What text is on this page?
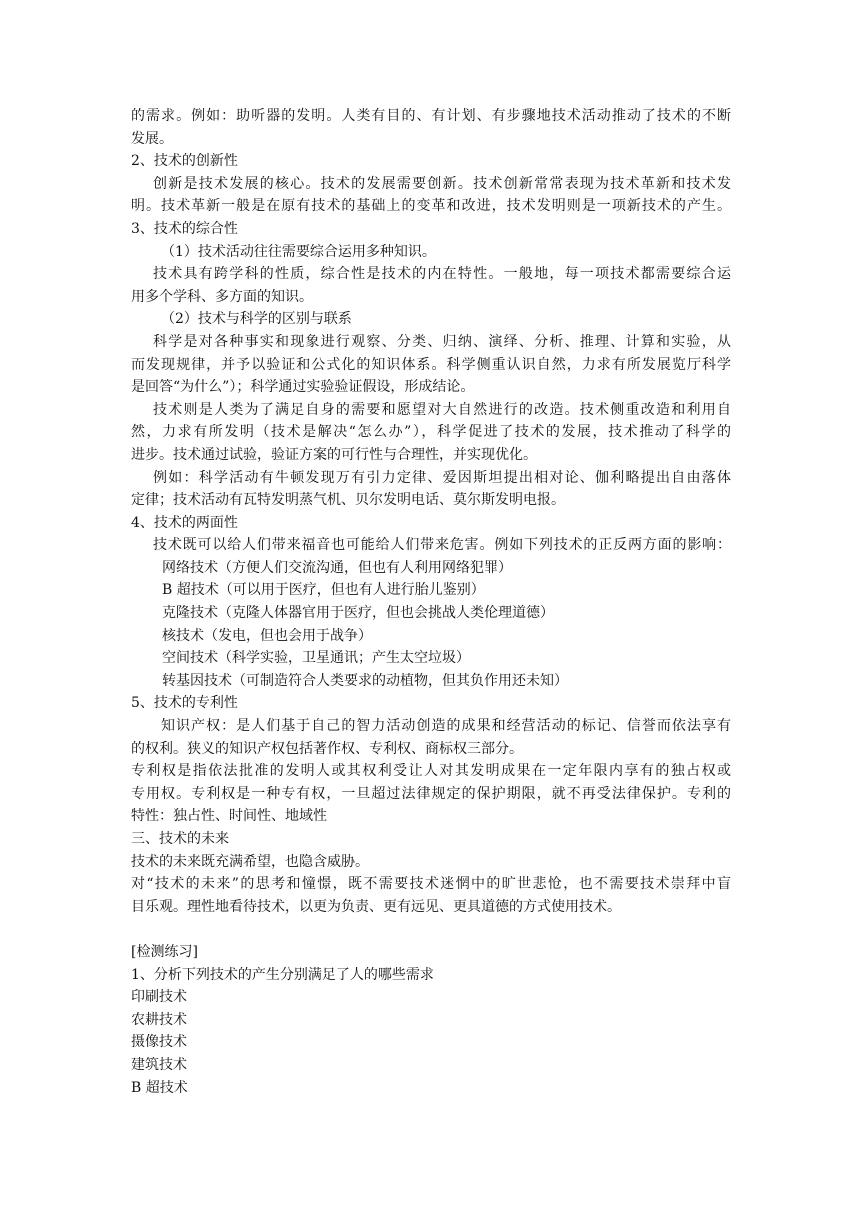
的需求。例如：助听器的发明。人类有目的、有计划、有步骤地技术活动推动了技术的不断
发展。
2、技术的创新性
创新是技术发展的核心。技术的发展需要创新。技术创新常常表现为技术革新和技术发
明。技术革新一般是在原有技术的基础上的变革和改进，技术发明则是一项新技术的产生。
3、技术的综合性
（1）技术活动往往需要综合运用多种知识。
技术具有跨学科的性质，综合性是技术的内在特性。一般地，每一项技术都需要综合运
用多个学科、多方面的知识。
（2）技术与科学的区别与联系
科学是对各种事实和现象进行观察、分类、归纳、演绎、分析、推理、计算和实验，从
而发现规律，并予以验证和公式化的知识体系。科学侧重认识自然，力求有所发展览厅科学
是回答“为什么”）；科学通过实验验证假设，形成结论。
技术则是人类为了满足自身的需要和愿望对大自然进行的改造。技术侧重改造和利用自
然，力求有所发明（技术是解决“怎么办”），科学促进了技术的发展，技术推动了科学的
进步。技术通过试验，验证方案的可行性与合理性，并实现优化。
例如：科学活动有牛顿发现万有引力定律、爱因斯坦提出相对论、伽利略提出自由落体
定律；技术活动有瓦特发明蒸气机、贝尔发明电话、莫尔斯发明电报。
4、技术的两面性
技术既可以给人们带来福音也可能给人们带来危害。例如下列技术的正反两方面的影响：
网络技术（方便人们交流沟通，但也有人利用网络犯罪）
B 超技术（可以用于医疗，但也有人进行胎儿鉴别）
克隆技术（克隆人体器官用于医疗，但也会挑战人类伦理道德）
核技术（发电，但也会用于战争）
空间技术（科学实验，卫星通讯；产生太空垃圾）
转基因技术（可制造符合人类要求的动植物，但其负作用还未知）
5、技术的专利性
知识产权：是人们基于自己的智力活动创造的成果和经营活动的标记、信誉而依法享有
的权利。狭义的知识产权包括著作权、专利权、商标权三部分。
专利权是指依法批准的发明人或其权利受让人对其发明成果在一定年限内享有的独占权或
专用权。专利权是一种专有权，一旦超过法律规定的保护期限，就不再受法律保护。专利的
特性：独占性、时间性、地域性
三、技术的未来
技术的未来既充满希望，也隐含威胁。
对“技术的未来”的思考和憧憬，既不需要技术迷惘中的旷世悲怆，也不需要技术崇拜中盲
目乐观。理性地看待技术，以更为负责、更有远见、更具道德的方式使用技术。
[检测练习]
1、分析下列技术的产生分别满足了人的哪些需求
印刷技术
农耕技术
摄像技术
建筑技术
B 超技术
